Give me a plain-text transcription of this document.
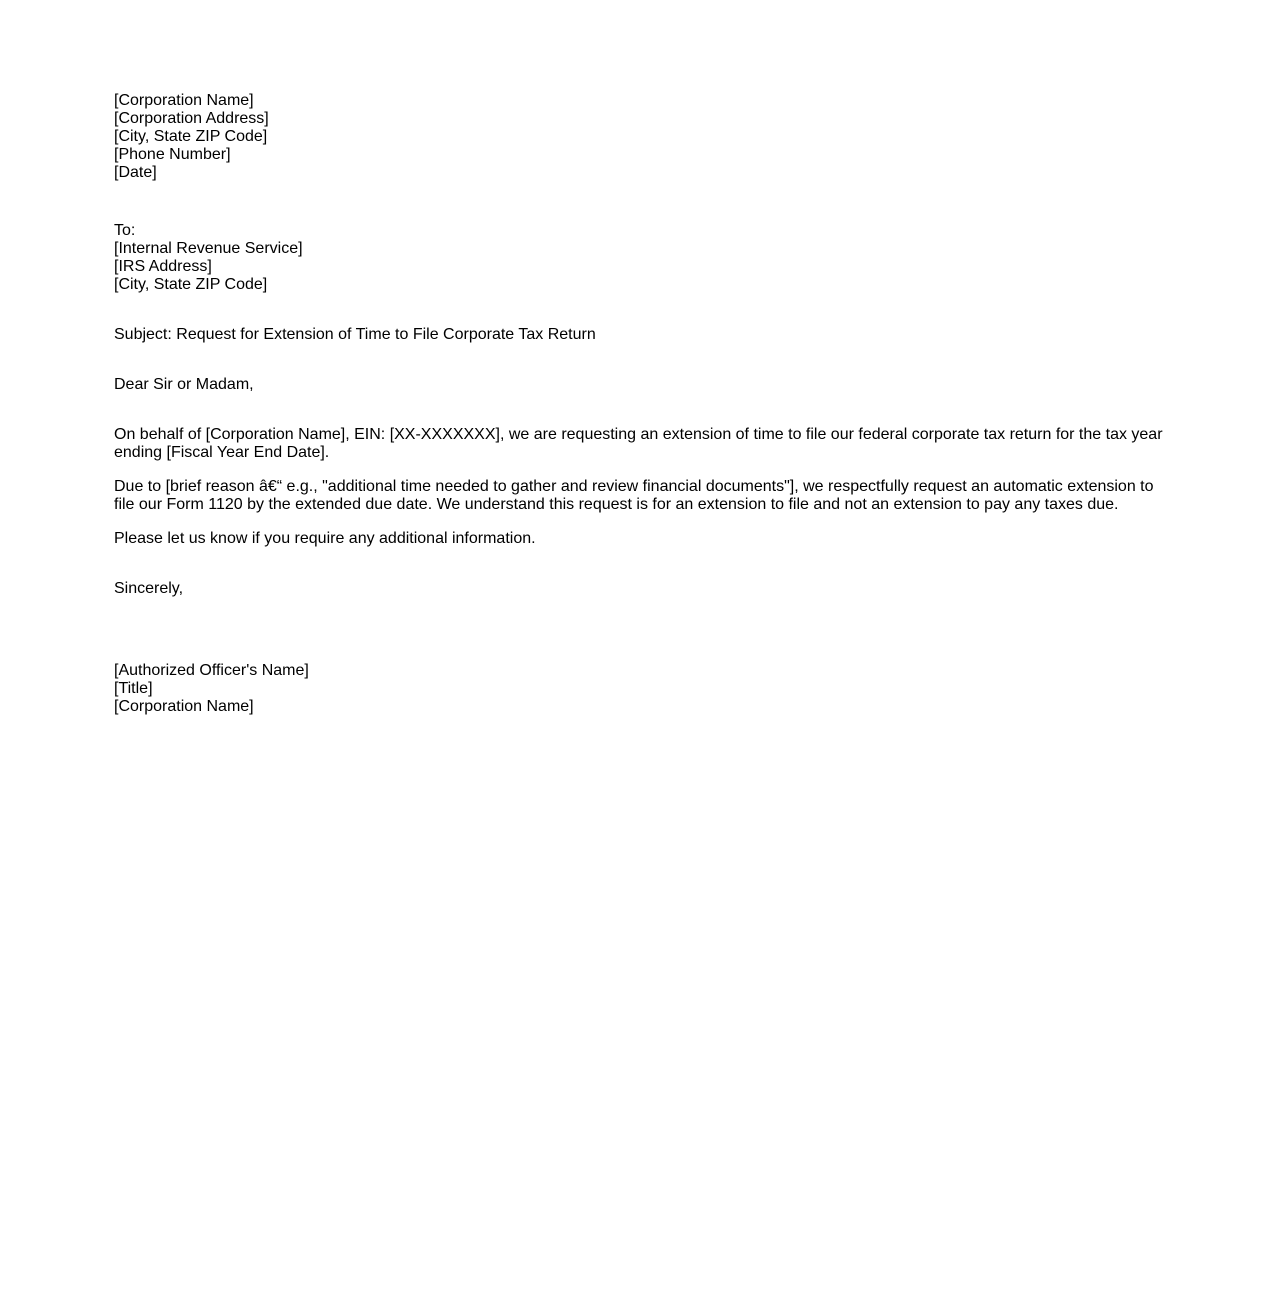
[Corporation Name]
[Corporation Address]
[City, State ZIP Code]
[Phone Number]
[Date]
To:
[Internal Revenue Service]
[IRS Address]
[City, State ZIP Code]
Subject: Request for Extension of Time to File Corporate Tax Return
Dear Sir or Madam,

On behalf of [Corporation Name], EIN: [XX-XXXXXXX], we are requesting an extension of time to file our federal corporate tax return for the tax year ending [Fiscal Year End Date].

Due to [brief reason â€“ e.g., "additional time needed to gather and review financial documents"], we respectfully request an automatic extension to file our Form 1120 by the extended due date. We understand this request is for an extension to file and not an extension to pay any taxes due.

Please let us know if you require any additional information.

Sincerely,
[Authorized Officer's Name]
[Title]
[Corporation Name]
